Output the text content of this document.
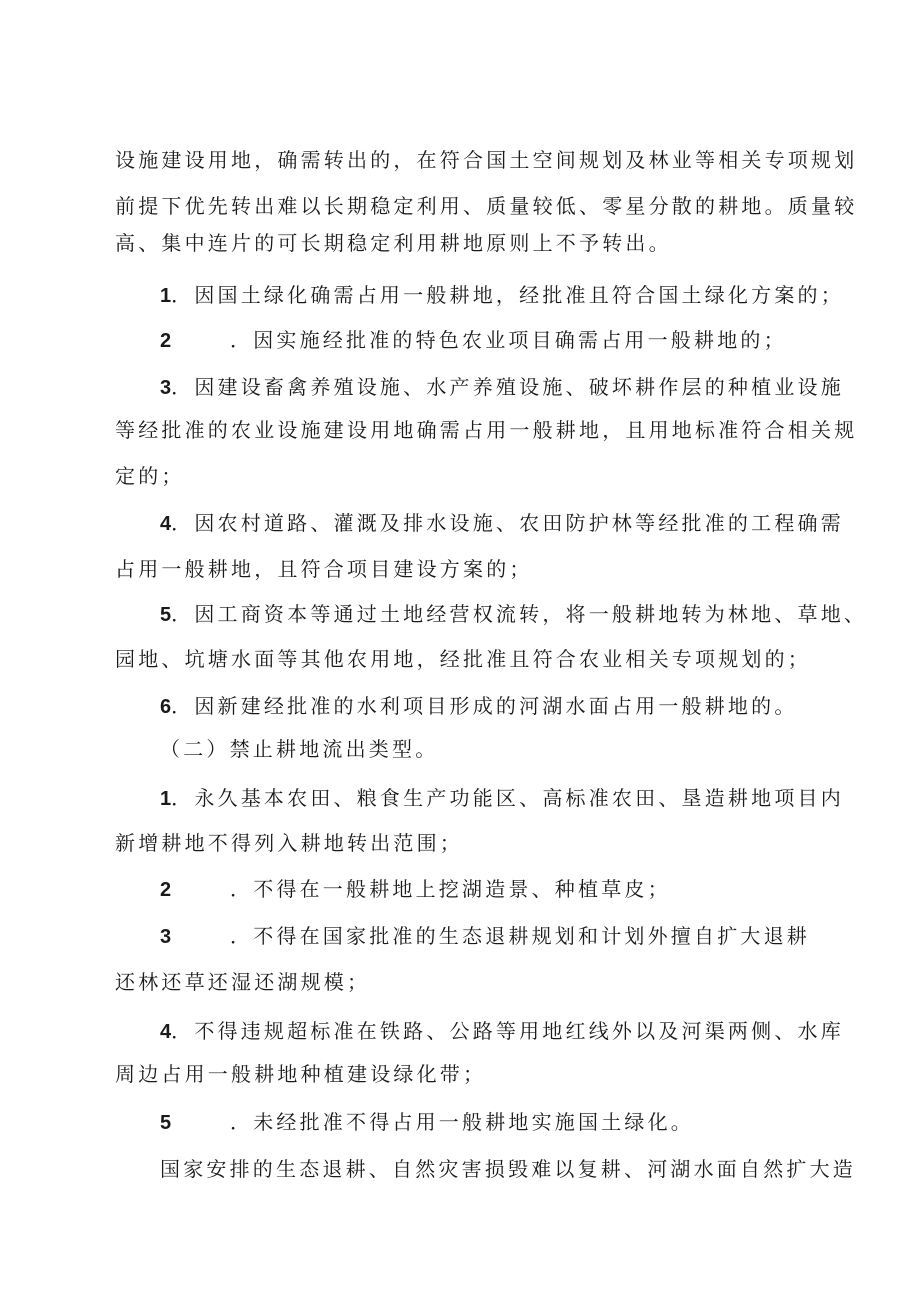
设施建设用地，确需转出的，在符合国土空间规划及林业等相关专项规划
前提下优先转出难以长期稳定利用、质量较低、零星分散的耕地。质量较
高、集中连片的可长期稳定利用耕地原则上不予转出。
1．因国土绿化确需占用一般耕地，经批准且符合国土绿化方案的；
2	．因实施经批准的特色农业项目确需占用一般耕地的；
3．因建设畜禽养殖设施、水产养殖设施、破坏耕作层的种植业设施
等经批准的农业设施建设用地确需占用一般耕地，且用地标准符合相关规
定的；
4．因农村道路、灌溉及排水设施、农田防护林等经批准的工程确需
占用一般耕地，且符合项目建设方案的；
5．因工商资本等通过土地经营权流转，将一般耕地转为林地、草地、
园地、坑塘水面等其他农用地，经批准且符合农业相关专项规划的；
6．因新建经批准的水利项目形成的河湖水面占用一般耕地的。
（二）禁止耕地流出类型。
1．永久基本农田、粮食生产功能区、高标准农田、垦造耕地项目内
新增耕地不得列入耕地转出范围；
2	．不得在一般耕地上挖湖造景、种植草皮；
3	．不得在国家批准的生态退耕规划和计划外擅自扩大退耕
还林还草还湿还湖规模；
4．不得违规超标准在铁路、公路等用地红线外以及河渠两侧、水库
周边占用一般耕地种植建设绿化带；
5	．未经批准不得占用一般耕地实施国土绿化。
国家安排的生态退耕、自然灾害损毁难以复耕、河湖水面自然扩大造
